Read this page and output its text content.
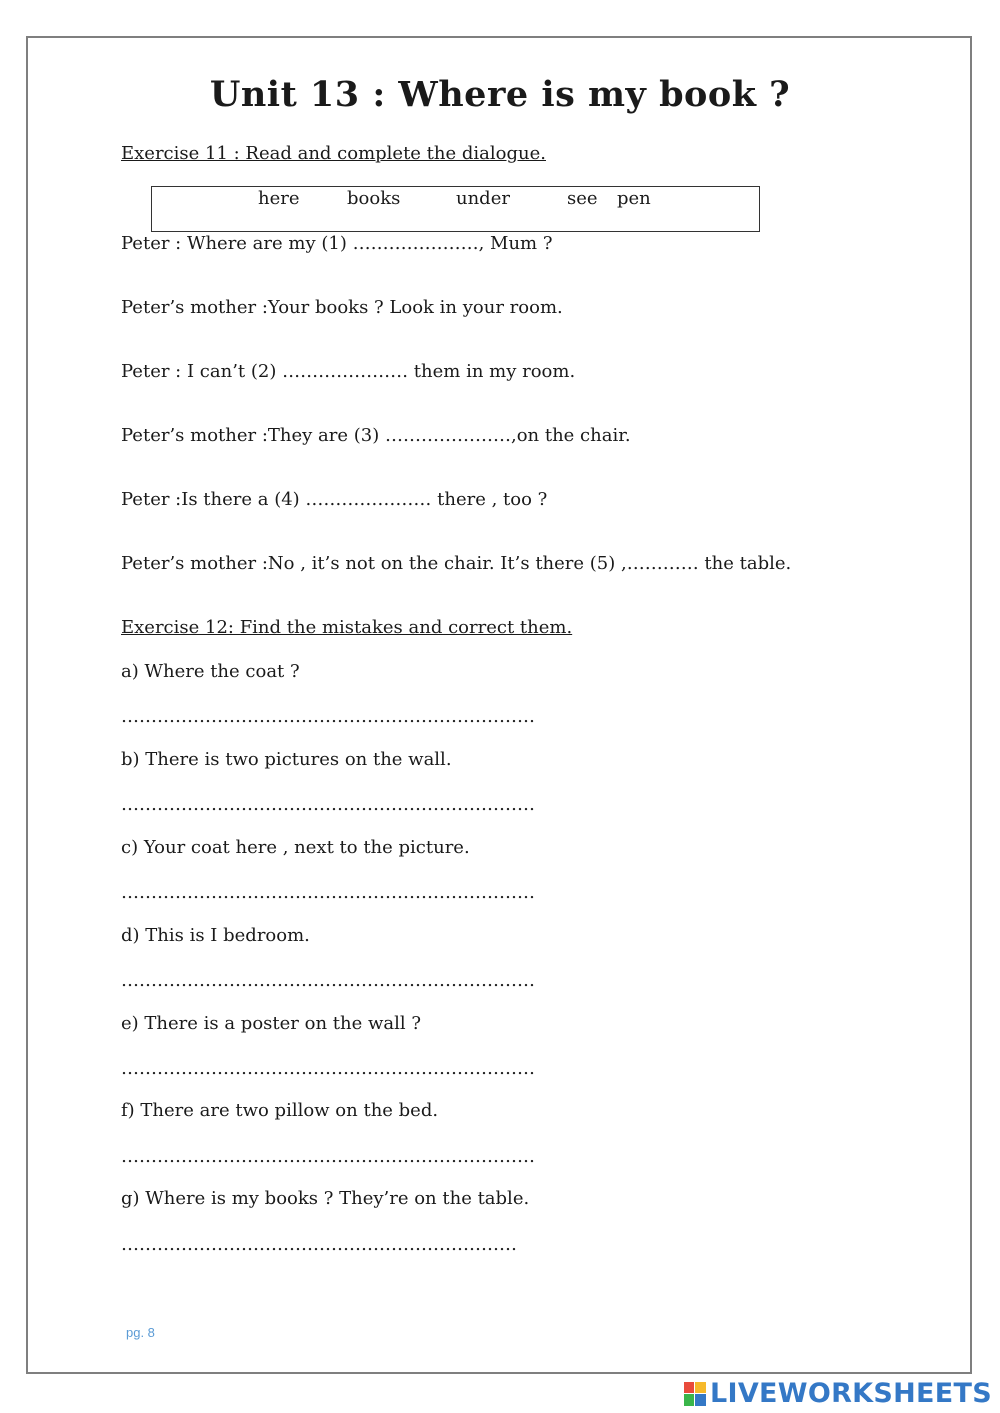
Unit 13 : Where is my book ?
Exercise 11 : Read and complete the dialogue.
here	books	under	see pen
Peter : Where are my (1) …………………, Mum ?
Peter’s mother :Your books ? Look in your room.
Peter : I can’t (2) ………………… them in my room.
Peter’s mother :They are (3) …………………,on the chair.
Peter :Is there a (4) ………………… there , too ?
Peter’s mother :No , it’s not on the chair. It’s there (5) ,………… the table.
Exercise 12: Find the mistakes and correct them.
a) Where the coat ?
……………………………………………………………
b) There is two pictures on the wall.
……………………………………………………………
c) Your coat here , next to the picture.
……………………………………………………………
d) This is I bedroom.
……………………………………………………………
e) There is a poster on the wall ?
……………………………………………………………
f) There are two pillow on the bed.
……………………………………………………………
g) Where is my books ? They’re on the table.
…………………………………………………………
pg. 8
LIVEWORKSHEETS
